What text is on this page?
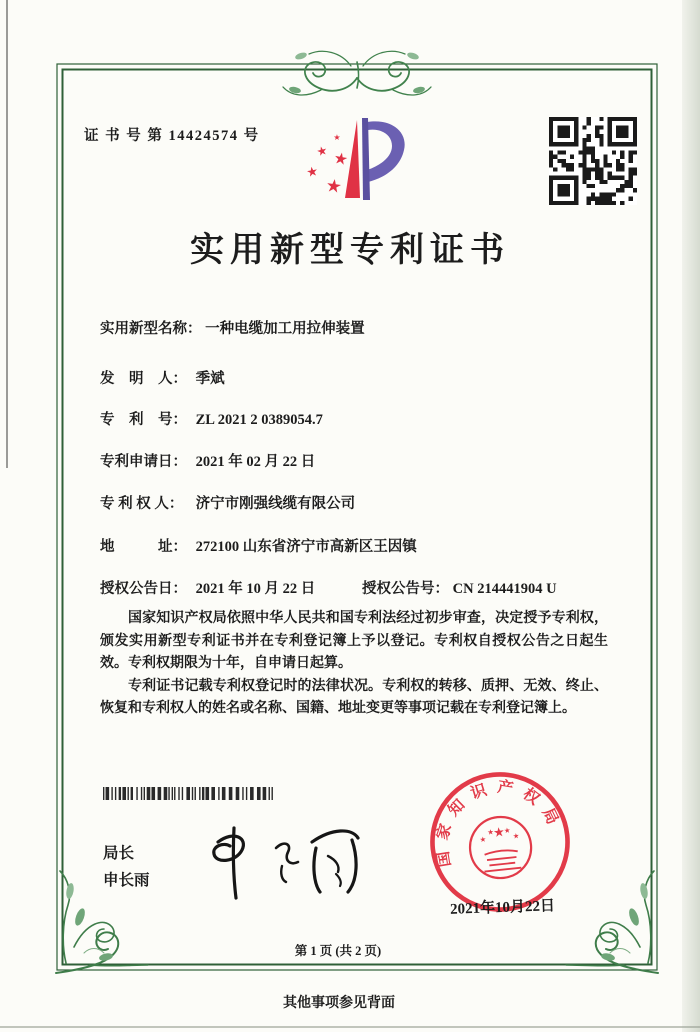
证 书 号 第 14424574 号	★
★ ★
★
★
实用新型专利证书
实用新型名称： 一种电缆加工用拉伸装置
发　明　人： 季斌
专　利　号： ZL 2021 2 0389054.7
专利申请日： 2021 年 02 月 22 日
专 利 权 人： 济宁市刚强线缆有限公司
地　　　址： 272100 山东省济宁市高新区王因镇
授权公告日： 2021 年 10 月 22 日	授权公告号： CN 214441904 U

国家知识产权局依照中华人民共和国专利法经过初步审查，决定授予专利权，颁发实用新型专利证书并在专利登记簿上予以登记。专利权自授权公告之日起生效。专利权期限为十年，自申请日起算。

专利证书记载专利权登记时的法律状况。专利权的转移、质押、无效、终止、恢复和专利权人的姓名或名称、国籍、地址变更等事项记载在专利登记簿上。

局长
申长雨
国家知识产权局
★
★
★ ★
★
2021年10月22日
第 1 页 (共 2 页)
其他事项参见背面
